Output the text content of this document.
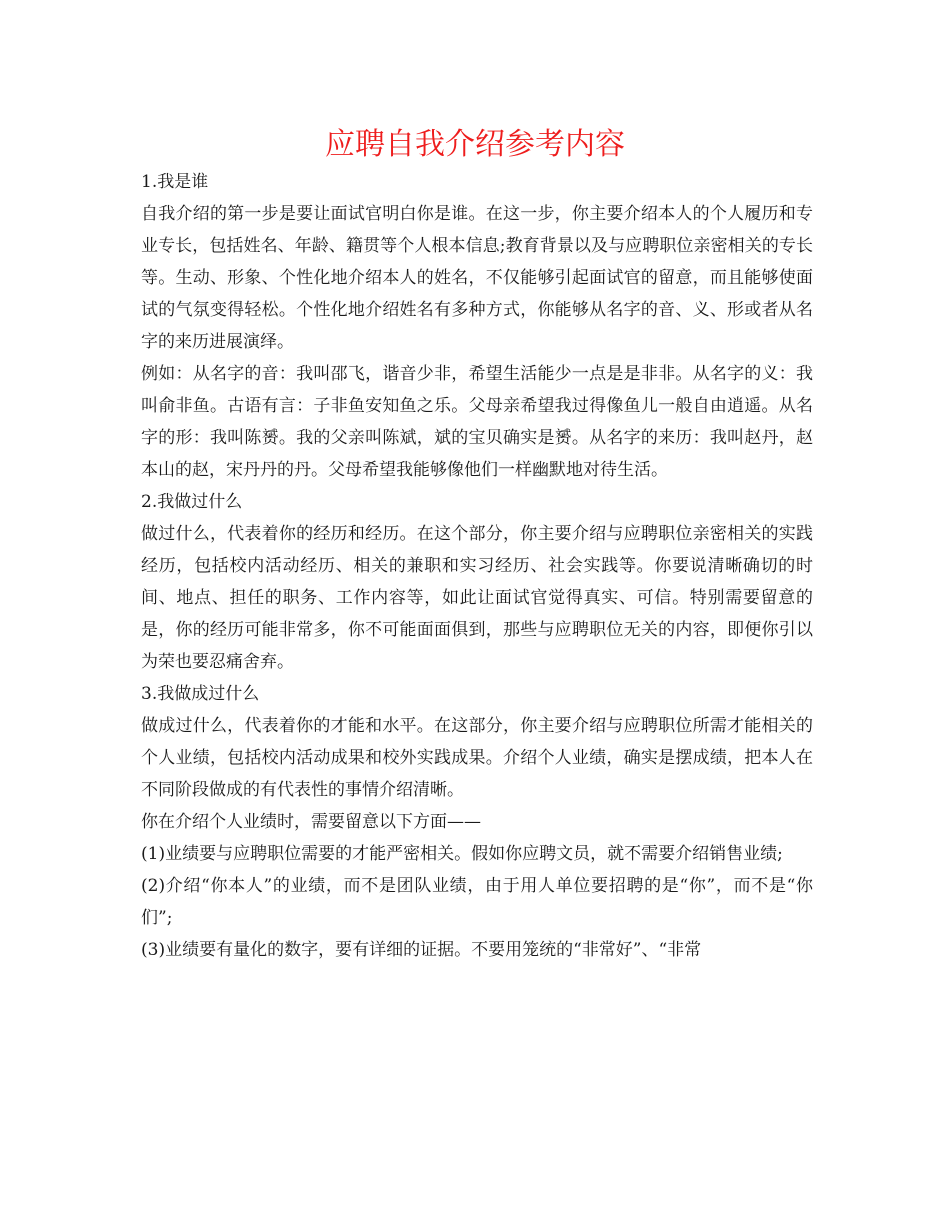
应聘自我介绍参考内容

1.我是谁

自我介绍的第一步是要让面试官明白你是谁。在这一步，你主要介绍本人的个人履历和专业专长，包括姓名、年龄、籍贯等个人根本信息;教育背景以及与应聘职位亲密相关的专长等。生动、形象、个性化地介绍本人的姓名，不仅能够引起面试官的留意，而且能够使面试的气氛变得轻松。个性化地介绍姓名有多种方式，你能够从名字的音、义、形或者从名字的来历进展演绎。

例如：从名字的音：我叫邵飞，谐音少非，希望生活能少一点是是非非。从名字的义：我叫俞非鱼。古语有言：子非鱼安知鱼之乐。父母亲希望我过得像鱼儿一般自由逍遥。从名字的形：我叫陈赟。我的父亲叫陈斌，斌的宝贝确实是赟。从名字的来历：我叫赵丹，赵本山的赵，宋丹丹的丹。父母希望我能够像他们一样幽默地对待生活。

2.我做过什么

做过什么，代表着你的经历和经历。在这个部分，你主要介绍与应聘职位亲密相关的实践经历，包括校内活动经历、相关的兼职和实习经历、社会实践等。你要说清晰确切的时间、地点、担任的职务、工作内容等，如此让面试官觉得真实、可信。特别需要留意的是，你的经历可能非常多，你不可能面面俱到，那些与应聘职位无关的内容，即便你引以为荣也要忍痛舍弃。

3.我做成过什么

做成过什么，代表着你的才能和水平。在这部分，你主要介绍与应聘职位所需才能相关的个人业绩，包括校内活动成果和校外实践成果。介绍个人业绩，确实是摆成绩，把本人在不同阶段做成的有代表性的事情介绍清晰。

你在介绍个人业绩时，需要留意以下方面——

(1)业绩要与应聘职位需要的才能严密相关。假如你应聘文员，就不需要介绍销售业绩;

(2)介绍“你本人”的业绩，而不是团队业绩，由于用人单位要招聘的是“你”，而不是“你们”;

(3)业绩要有量化的数字，要有详细的证据。不要用笼统的“非常好”、“非常
